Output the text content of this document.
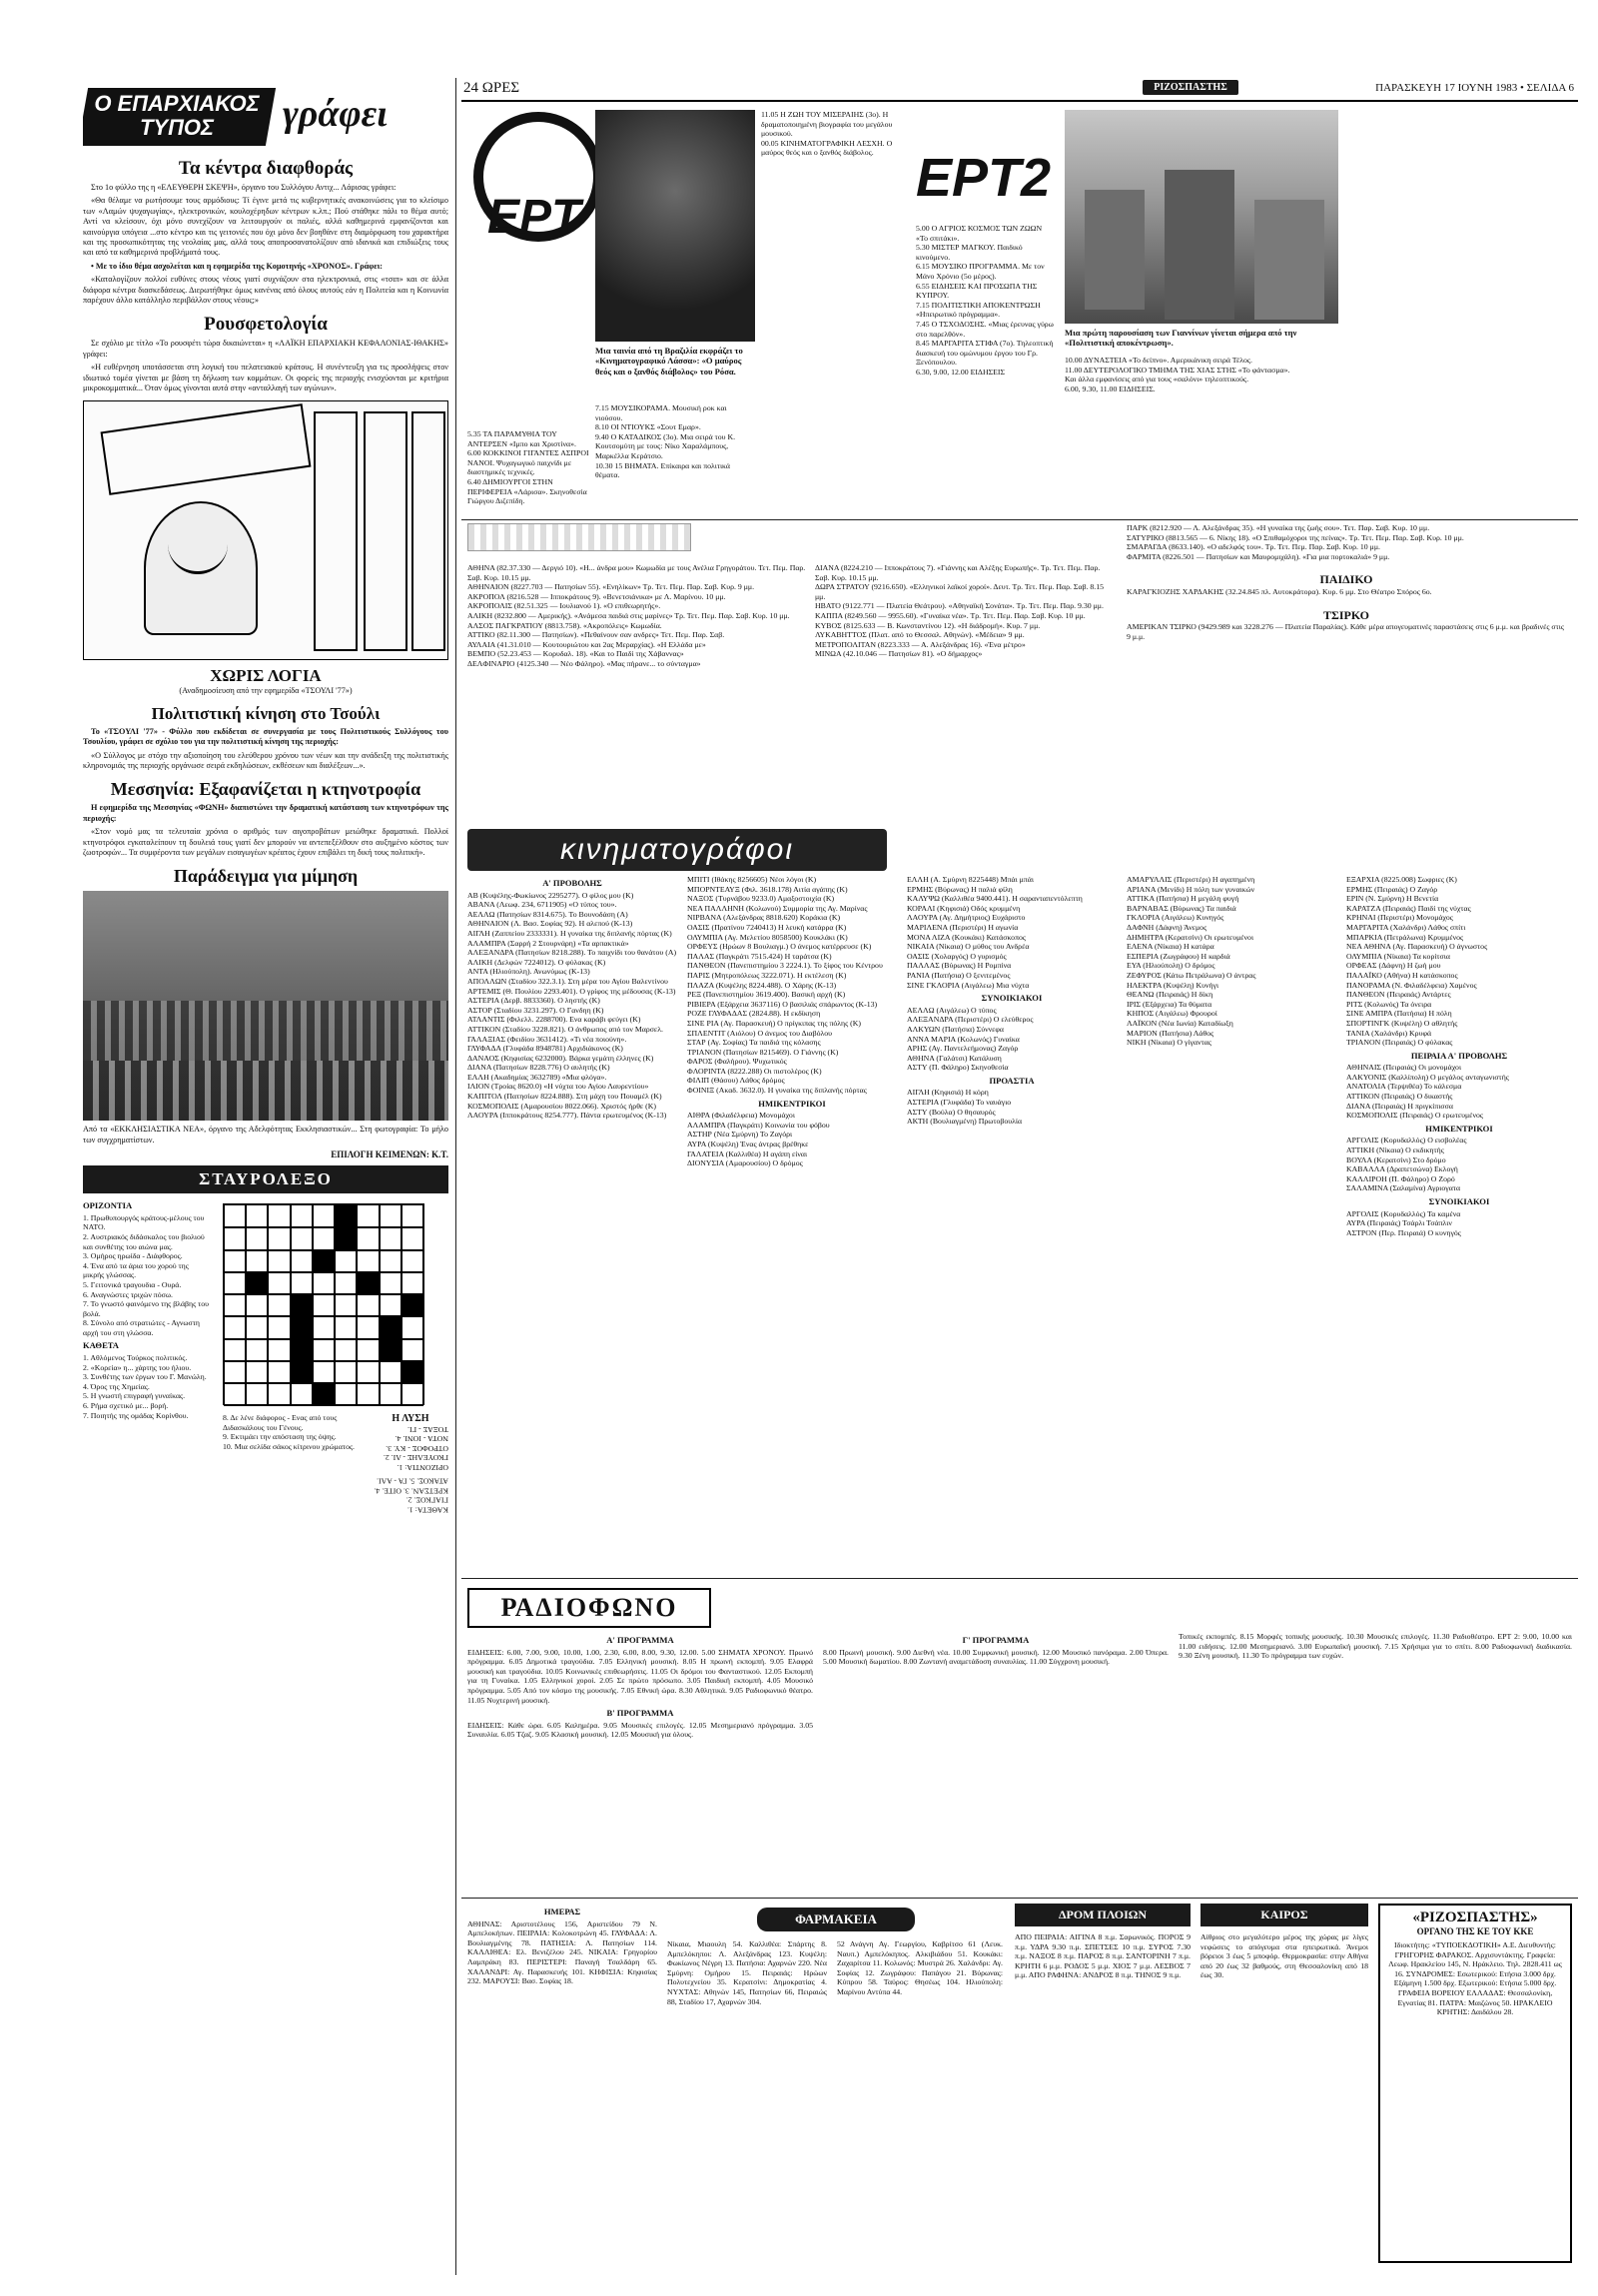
24 ΩΡΕΣ	ΡΙΖΟΣΠΑΣΤΗΣ	ΠΑΡΑΣΚΕΥΗ 17 ΙΟΥΝΗ 1983 • ΣΕΛΙΔΑ 6
Ο ΕΠΑΡΧΙΑΚΟΣ ΤΥΠΟΣ	γράφει
Τα κέντρα διαφθοράς

Στο 1ο φύλλο της η «ΕΛΕΥΘΕΡΗ ΣΚΕΨΗ», όργανο του Συλλόγου Αντιχ... Λάρισας γράφει:

«Θα θέλαμε να ρωτήσουμε τους αρμόδιους: Τί έγινε μετά τις κυβερνητικές ανακοινώσεις για το κλείσιμο των «Λαμών ψυχαγωγίας», ηλεκτρονικών, κουλοχέρηδων κέντρων κ.λπ.; Πού στάθηκε πάλι το θέμα αυτό; Αντί να κλείσουν, όχι μόνο συνεχίζουν να λειτουργούν οι παλιές, αλλά καθημερινά εμφανίζονται και καινούργια υπόγεια ...στο κέντρο και τις γειτονιές που όχι μόνο δεν βοηθάνε στη διαμόρφωση του χαρακτήρα και της προσωπικότητας της νεολαίας μας, αλλά τους αποπροσανατολίζουν από ιδανικά και επιδιώξεις τους και από τα καθημερινά προβλήματά τους.

• Με το ίδιο θέμα ασχολείται και η εφημερίδα της Κομοτηνής «ΧΡΟΝΟΣ». Γράφει:

«Καταλογίζουν πολλοί ευθύνες στους νέους γιατί συχνάζουν στα ηλεκτρονικά, στις «τσιπ» και σε άλλα διάφορα κέντρα διασκεδάσεως. Διερωτήθηκε όμως κανένας από όλους αυτούς εάν η Πολιτεία και η Κοινωνία παρέχουν άλλο κατάλληλο περιβάλλον στους νέους;»

Ρουσφετολογία

Σε σχόλιο με τίτλο «Το ρουσφέτι τώρα δικαιώνεται» η «ΛΑΪΚΗ ΕΠΑΡΧΙΑΚΗ ΚΕΦΑΛΟΝΙΑΣ-ΙΘΑΚΗΣ» γράφει:

«Η ευθέρνηση υποτάσσεται στη λογική του πελατειακού κράτους. Η συνέντευξη για τις προσλήψεις στον ιδιωτικό τομέα γίνεται με βάση τη δήλωση των κομμάτων. Οι φορείς της περιοχής ενισχύονται με κριτήρια μικροκομματικά... Όταν όμως γίνονται αυτά στην «ανταλλαγή των αγώνων».

ΧΩΡΙΣ ΛΟΓΙΑ
(Αναδημοσίευση από την εφημερίδα «ΤΣΟΥΛΙ '77»)
Πολιτιστική κίνηση στο Τσούλι

Το «ΤΣΟΥΛΙ '77» - Φύλλο που εκδίδεται σε συνεργασία με τους Πολιτιστικούς Συλλόγους του Τσουλίου, γράφει σε σχόλιο του για την πολιτιστική κίνηση της περιοχής:

«Ο Σύλλογος με στόχο την αξιοποίηση του ελεύθερου χρόνου των νέων και την ανάδειξη της πολιτιστικής κληρονομιάς της περιοχής οργάνωσε σειρά εκδηλώσεων, εκθέσεων και διαλέξεων...».

Μεσσηνία: Εξαφανίζεται η κτηνοτροφία

Η εφημερίδα της Μεσσηνίας «ΦΩΝΗ» διαπιστώνει την δραματική κατάσταση των κτηνοτρόφων της περιοχής:

«Στον νομό μας τα τελευταία χρόνια ο αριθμός των αιγοπροβάτων μειώθηκε δραματικά. Πολλοί κτηνοτρόφοι εγκαταλείπουν τη δουλειά τους γιατί δεν μπορούν να αντεπεξέλθουν στο αυξημένο κόστος των ζωοτροφών... Τα συμφέροντα των μεγάλων εισαγωγέων κρέατος έχουν επιβάλει τη δική τους πολιτική».

Παράδειγμα για μίμηση
Από τα «ΕΚΚΛΗΣΙΑΣΤΙΚΑ ΝΕΑ», όργανο της Αδελφότητας Εκκλησιαστικών... Στη φωτογραφία: Το μήλο των συγχρηματίστων.
ΕΠΙΛΟΓΗ ΚΕΙΜΕΝΩΝ: Κ.Τ.
ΣΤΑΥΡΟΛΕΞΟ
ΟΡΙΖΟΝΤΙΑ
1. Πρωθυπουργός κράτους-μέλους του ΝΑΤΟ.
2. Αυστριακός διδάσκαλος του βιολιού και συνθέτης του αιώνα μας.
3. Ομήρος ηρωίδα - Διάφθορος.
4. Ένα από τα άρια του χορού της μικρής γλώσσας.
5. Γειτονικά τραγουδια - Ουρά.
6. Αναγνώστες τριχών πόσω.
7. Το γνωστό φαινόμενο της βλάβης του βολά.
8. Σύνολο από στρατιώτες - Αγνωστη αρχή του στη γλώσσα.
ΚΑΘΕΤΑ
1. Αθλόμενος Τούρκος πολιτικός.
2. «Κορεία» η... χάρτης του ήλιου.
3. Συνθέτης των έργων του Γ. Μανώλη.
4. Όρος της Χημείας.
5. Η γνωστή επιγραφή γυναίκας.
6. Ρήμα σχετικό με... βορή.
7. Ποιητής της ομάδας Κορίνθου.	8. Δε λένε διάφορος - Ενας από τους Διδασκάλους του Γένους.
9. Εκτιμάει την απόσταση της όψης.
10. Μια σελίδα σάκος κίτρινου χρώματος.
Η ΛΥΣΗ
ΟΡΙΖΟΝΤΙΑ: 1. ΓΚΟΥΕΛΗΣ - ΛΙ. 2. ΟΤΡΟΦΟΣ - ΚΥ. 3. ΝΟΤΑ - ΙΟΝΙ. 4. ΤΟΞΑΣ - ΓΙ.
ΚΑΘΕΤΑ: 1. ΓΙΑΓΚΟΣ. 2. ΚΡΕΤΣΑΝ. 3. ΟΙΤΕ. 4. ΑΤΑΚΟΣ. 5. ΓΑ - ΑΛΙ.
ΕΡΤ
5.35 ΤΑ ΠΑΡΑΜΥΘΙΑ ΤΟΥ ΑΝΤΕΡΣΕΝ «Ιμπο και Χριστίνα».
6.00 ΚΟΚΚΙΝΟΙ ΓΙΓΑΝΤΕΣ ΑΣΠΡΟΙ ΝΑΝΟΙ. Ψυχαγωγικό παιχνίδι με διαστημικές τεχνικές.
6.40 ΔΗΜΙΟΥΡΓΟΙ ΣΤΗΝ ΠΕΡΙΦΕΡΕΙΑ «Λάρισα». Σκηνοθεσία Γιώργου Διζεπίδη.
Μια ταινία από τη Βραζιλία εκφράζει το «Κινηματογραφικό Λάσσα»: «Ο μαύρος θεός και ο ξανθός διάβολος» του Ρόσα.
7.15 ΜΟΥΣΙΚΟΡΑΜΑ. Μουσική ροκ και νιούσου.
8.10 ΟΙ ΝΤΙΟΥΚΣ «Σουτ Εμαρ».
9.40 Ο ΚΑΤΑΔΙΚΟΣ (3ο). Μια σειρά του Κ. Κουτσομύτη με τους: Νίκο Χαραλάμπους, Μαρκέλλα Κεράτσιο.
10.30 15 ΒΗΜΑΤΑ. Επίκαιρα και πολιτικά θέματα.
11.05 Η ΖΩΗ ΤΟΥ ΜΙΣΕΡΑΙΗΣ (3ο). Η δραματοποιημένη βιογραφία του μεγάλου μουσικού.
00.05 ΚΙΝΗΜΑΤΟΓΡΑΦΙΚΗ ΛΕΣΧΗ. Ο μαύρος θεός και ο ξανθός διάβολος. ΕΡΤ2
5.00 Ο ΑΓΡΙΟΣ ΚΟΣΜΟΣ ΤΩΝ ΖΩΩΝ «Το σπιτάκι».
5.30 ΜΙΣΤΕΡ ΜΑΓΚΟΥ. Παιδικό κινούμενο.
6.15 ΜΟΥΣΙΚΟ ΠΡΟΓΡΑΜΜΑ. Με τον Μάνο Χρόνιο (5ο μέρος).
6.55 ΕΙΔΗΣΕΙΣ ΚΑΙ ΠΡΟΣΩΠΑ ΤΗΣ ΚΥΠΡΟΥ.
7.15 ΠΟΛΙΤΙΣΤΙΚΗ ΑΠΟΚΕΝΤΡΩΣΗ «Ηπειρωτικό πρόγραμμα».
7.45 Ο ΤΣΧΟΔΟΣΗΣ. «Μιας έρευνας γύρω στο παρελθόν».
8.45 ΜΑΡΓΑΡΙΤΑ ΣΤΙΦΑ (7ο). Τηλεοπτική διασκευή του ομώνυμου έργου του Γρ. Ξενόπουλου.
6.30, 9.00, 12.00 ΕΙΔΗΣΕΙΣ
Μια πρώτη παρουσίαση των Γιαννίνων γίνεται σήμερα από την «Πολιτιστική αποκέντρωση».
10.00 ΔΥΝΑΣΤΕΙΑ «Το δείπνο». Αμερικάνικη σειρά Τέλος.
11.00 ΔΕΥΤΕΡΟΛΟΓΙΚΟ ΤΜΗΜΑ ΤΗΣ ΧΙΑΣ ΣΤΗΣ «Το φάντασμα».
Και άλλα εμφανίσεις από για τους «σαλόνι» τηλεοπτικούς.
6.00, 9.30, 11.00 ΕΙΔΗΣΕΙΣ.
ΑΘΗΝΑ (82.37.330 — Δεργιό 10). «Η... άνδρα μου» Κωμωδία με τους Ανέλια Γρηγοράτου. Τετ. Πεμ. Παρ. Σαβ. Κυρ. 10.15 μμ.
ΑΘΗΝΑΙΟΝ (8227.703 — Πατησίων 55). «Ενηλίκων» Τρ. Τετ. Πεμ. Παρ. Σαβ. Κυρ. 9 μμ.
ΑΚΡΟΠΟΛ (8216.528 — Ιπποκράτους 9). «Βενετσιάνικα» με Λ. Μαρίνου. 10 μμ.
ΑΚΡΟΠΟΛΙΣ (82.51.325 — Ιουλιανού 1). «Ο επιθεωρητής».
ΑΛΙΚΗ (8232.800 — Αμερικής). «Ανάμεσα παιδιά στις μαρίνες» Τρ. Τετ. Πεμ. Παρ. Σαβ. Κυρ. 10 μμ.
ΑΛΣΟΣ ΠΑΓΚΡΑΤΙΟΥ (8813.758). «Ακροπόλεις» Κωμωδία.
ΑΤΤΙΚΟ (82.11.300 — Πατησίων). «Πεθαίνουν σαν ανδρες» Τετ. Πεμ. Παρ. Σαβ.
ΑΥΛΑΙΑ (41.31.010 — Κουτουριώτου και 2ας Μεραρχίας). «Η Ελλάδα με»
ΒΕΜΠΟ (52.23.453 — Κορυδαλ. 18). «Και το Παιδί της Χάβαννας»
ΔΕΛΦΙΝΑΡΙΟ (4125.340 — Νέο Φάληρο). «Μας πήρανε... το σύνταγμα»
ΔΙΑΝΑ (8224.210 — Ιπποκράτους 7). «Γιάννης και Αλέξης Ευρωπής». Τρ. Τετ. Πεμ. Παρ. Σαβ. Κυρ. 10.15 μμ.
ΔΩΡΑ ΣΤΡΑΤΟΥ (9216.650). «Ελληνικοί λαϊκοί χοροί». Δευτ. Τρ. Τετ. Πεμ. Παρ. Σαβ. 8.15 μμ.
ΗΒΑΤΟ (9122.771 — Πλατεία Θεάτρου). «Αθηναϊκή Σονάτα». Τρ. Τετ. Πεμ. Παρ. 9.30 μμ.
ΚΑΠΠΑ (8249.560 — 9955.60). «Γυναίκα νέα». Τρ. Τετ. Πεμ. Παρ. Σαβ. Κυρ. 10 μμ.
ΚΥΒΟΣ (8125.633 — Β. Κωνσταντίνου 12). «Η διάδρομή». Κυρ. 7 μμ.
ΛΥΚΑΒΗΤΤΟΣ (Πλατ. από το Θεσσαλ. Αθηνών). «Μέδεια» 9 μμ.
ΜΕΤΡΟΠΟΛΙΤΑΝ (8223.333 — Α. Αλεξάνδρας 16). «Ένα μέτρο»
ΜΙΝΩΑ (42.10.046 — Πατησίων 81). «Ο δήμαρχος»
ΠΑΡΚ (8212.920 — Λ. Αλεξάνδρας 35). «Η γυναίκα της ζωής σου». Τετ. Παρ. Σαβ. Κυρ. 10 μμ.
ΣΑΤΥΡΙΚΟ (8813.565 — 6. Νίκης 18). «Ο Σπιθαμόχοροι της πείνας». Τρ. Τετ. Πεμ. Παρ. Σαβ. Κυρ. 10 μμ.
ΣΜΑΡΑΓΔΑ (8633.140). «Ο αδελφός του». Τρ. Τετ. Πεμ. Παρ. Σαβ. Κυρ. 10 μμ.
ΦΑΡΜΙΤΑ (8226.501 — Πατησίων και Μαυρομιχάλη). «Για μια πορτοκαλιά» 9 μμ.
ΠΑΙΔΙΚΟ
ΚΑΡΑΓΚΙΟΖΗΣ ΧΑΡΔΑΚΗΣ (32.24.845 πλ. Αυτοκράτορα). Κυρ. 6 μμ. Στο Θέατρο Σπόρος 6ο.
ΤΣΙΡΚΟ
ΑΜΕΡΙΚΑΝ ΤΣΙΡΚΟ (9429.989 και 3228.276 — Πλατεία Παραλίας). Κάθε μέρα απογευματινές παραστάσεις στις 6 μ.μ. και βραδινές στις 9 μ.μ.
κινηματογράφοι
Α' ΠΡΟΒΟΛΗΣ
ΑΒ (Κυψέλης-Φωκίωνος 2295277). Ο φίλος μου (Κ)
ΑΒΑΝΑ (Λεωφ. 234, 6711905) «Ο τύπος του».
ΑΕΛΛΩ (Πατησίων 8314.675). Το Βουνοδάση (Α)
ΑΘΗΝΑΙΟΝ (Λ. Βασ. Σοφίας 92). Η αλεπού (Κ-13)
ΑΙΓΛΗ (Ζαππείου 2333331). Η γυναίκα της διπλανής πόρτας (Κ)
ΑΛΑΜΠΡΑ (Σαρρή 2 Στουρνάρη) «Τα αρπακτικά»
ΑΛΕΞΑΝΔΡΑ (Πατησίων 8218.288). Το παιχνίδι του θανάτου (Α)
ΑΛΙΚΗ (Δελφών 7224012). Ο φύλακας (Κ)
ΑΝΤΑ (Ηλιούπολη). Ανωνύμως (Κ-13)
ΑΠΟΛΛΩΝ (Σταδίου 322.3.1). Στη μέρα του Αγίου Βαλεντίνου
ΑΡΤΕΜΙΣ (Θ. Πουλίου 2293.401). Ο γρίφος της μέδουσας (Κ-13)
ΑΣΤΕΡΙΑ (Δερβ. 8833360). Ο ληστής (Κ)
ΑΣΤΟΡ (Σταδίου 3231.297). Ο Γανδηη (Κ)
ΑΤΛΑΝΤΙΣ (Φιλελλ. 2288700). Ενα καράβι φεύγει (Κ)
ΑΤΤΙΚΟΝ (Σταδίου 3228.821). Ο άνθρωπος από τον Μαρσελ.
ΓΑΛΑΞΙΑΣ (Φειδίου 3631412). «Τι νέα ποιούνη».
ΓΛΥΦΑΔΑ (Γλυφάδα 8948781) Αρχιδιάκονος (Κ)
ΔΑΝΑΟΣ (Κηφισίας 6232000). Βάρκα γεμάτη έλληνες (Κ)
ΔΙΑΝΑ (Πατησίων 8228.776) Ο αυλητής (Κ)
ΕΛΛΗ (Ακαδημίας 3632789) «Μια φλόγα».
ΙΛΙΟΝ (Τροίας 8620.0) «Η νύχτα του Αγίου Λαυρεντίου»
ΚΑΠΙΤΟΛ (Πατησίων 8224.888). Στη μάχη του Πουαμέλ (Κ)
ΚΟΣΜΟΠΟΛΙΣ (Αμαρουσίου 8022.066). Χριστός ήρθε (Κ)
ΛΑΟΥΡΑ (Ιπποκράτους 8254.777). Πάντα ερωτευμένος (Κ-13)
ΜΠΙΤΙ (Ιθάκης 8256605) Νέοι λόγοι (Κ)
ΜΠΟΡΝΤΕΑΥΞ (Φιλ. 3618.178) Αιτία αγάπης (Κ)
ΝΑΞΟΣ (Τυρνάβου 9233.0) Αμαξοστοιχία (Κ)
ΝΕΑ ΠΑΛΛΗΝΗ (Κολωνού) Συμμορία της Αγ. Μαρίνας
ΝΙΡΒΑΝΑ (Αλεξάνδρας 8818.620) Κοράκια (Κ)
ΟΑΣΙΣ (Πρατίνου 7240413) Η λευκή κατάρρα (Κ)
ΟΛΥΜΠΙΑ (Αγ. Μελετίου 8058500) Κουκλάκι (Κ)
ΟΡΦΕΥΣ (Ηρώων 8 Βουλιαγμ.) Ο άνεμος κατέρρευσε (Κ)
ΠΑΛΑΣ (Παγκράτι 7515.424) Η ταράτσα (Κ)
ΠΑΝΘΕΟΝ (Πανεπιστημίου 3 2224.1). Το ξίφος του Κέντρου
ΠΑΡΙΣ (Μητροπόλεως 3222.071). Η εκτέλεση (Κ)
ΠΛΑΖΑ (Κυψέλης 8224.488). Ο Χάρης (Κ-13)
ΡΕΞ (Πανεπιστημίου 3619.400). Βασική αρχή (Κ)
ΡΙΒΙΕΡΑ (Εξάρχεια 3637116) Ο βασιλιάς σπάρωντος (Κ-13)
ΡΟΖΕ ΓΛΥΦΑΔΑΣ (2824.88). Η εκδίκηση
ΣΙΝΕ ΡΙΑ (Αγ. Παρασκευή) Ο πρίγκιπας της πόλης (Κ)
ΣΠΛΕΝΤΙΤ (Αιόλου) Ο άνεμος του Διαβόλου
ΣΤΑΡ (Αγ. Σοφίας) Τα παιδιά της κόλασης
ΤΡΙΑΝΟΝ (Πατησίων 8215469). Ο Γιάννης (Κ)
ΦΑΡΟΣ (Φαλήρου). Ψυχωτικός
ΦΛΟΡΙΝΤΑ (8222.288) Οι πιστολέρος (Κ)
ΦΙΛΙΠ (Θάσου) Λάθος δρόμος
ΦΟΙΝΙΞ (Ακαδ. 3632.0). Η γυναίκα της διπλανής πόρτας
ΗΜΙΚΕΝΤΡΙΚΟΙ
ΑΙΘΡΑ (Φιλαδέλφεια) Μονομάχοι
ΑΛΑΜΠΡΑ (Παγκράτι) Κοινωνία του φόβου
ΑΣΤΗΡ (Νέα Σμύρνη) Το Ζαγόρι
ΑΥΡΑ (Κυψέλη) Ένας άντρας βρέθηκε
ΓΑΛΑΤΕΙΑ (Καλλιθέα) Η αγάπη είναι
ΔΙΟΝΥΣΙΑ (Αμαρουσίου) Ο δρόμος
ΕΛΛΗ (Α. Σμύρνη 8225448) Μπάι μπάι
ΕΡΜΗΣ (Βύρωνας) Η παλιά φίλη
ΚΑΛΥΨΩ (Καλλιθέα 9400.441). Η σαρανταπεντόλεπτη
ΚΟΡΑΛΙ (Κηφισιά) Οδός κρυμμένη
ΛΑΟΥΡΑ (Αγ. Δημήτριος) Ευχάριστο
ΜΑΡΙΛΕΝΑ (Περιστέρι) Η αγωνία
ΜΟΝΑ ΛΙΖΑ (Κουκάκι) Κατάσκοπος
ΝΙΚΑΙΑ (Νίκαια) Ο μύθος του Ανδρέα
ΟΑΣΙΣ (Χολαργός) Ο γυρισμός
ΠΑΛΛΑΣ (Βύρωνας) Η Ρομπίνα
ΡΑΝΙΑ (Πατήσια) Ο ξενιτεμένος
ΣΙΝΕ ΓΚΛΟΡΙΑ (Αιγάλεω) Μια νύχτα
ΣΥΝΟΙΚΙΑΚΟΙ
ΑΕΛΛΩ (Αιγάλεω) Ο τύπος
ΑΛΕΞΑΝΔΡΑ (Περιστέρι) Ο ελεύθερος
ΑΛΚΥΩΝ (Πατήσια) Σύννεφα
ΑΝΝΑ ΜΑΡΙΑ (Κολωνός) Γυναίκα
ΑΡΗΣ (Αγ. Παντελεήμονας) Ζαγόρ
ΑΘΗΝΑ (Γαλάτσι) Κατάλυση
ΑΣΤΥ (Π. Φάληρο) Σκηνοθεσία
ΠΡΟΑΣΤΙΑ
ΑΙΓΛΗ (Κηφισιά) Η κόρη
ΑΣΤΕΡΙΑ (Γλυφάδα) Το ναυάγιο
ΑΣΤΥ (Βούλα) Ο θησαυρός
ΑΚΤΗ (Βουλιαγμένη) Πρωτοβουλία
ΑΜΑΡΥΛΛΙΣ (Περιστέρι) Η αγαπημένη
ΑΡΙΑΝΑ (Μενίδι) Η πόλη των γυναικών
ΑΤΤΙΚΑ (Πατήσια) Η μεγάλη φυγή
ΒΑΡΝΑΒΑΣ (Βύρωνας) Τα παιδιά
ΓΚΛΟΡΙΑ (Αιγάλεω) Κυνηγός
ΔΑΦΝΗ (Δάφνη) Άνεμος
ΔΗΜΗΤΡΑ (Κερατσίνι) Οι ερωτευμένοι
ΕΛΕΝΑ (Νίκαια) Η κατάρα
ΕΣΠΕΡΙΑ (Ζωγράφου) Η καρδιά
ΕΥΑ (Ηλιούπολη) Ο δρόμος
ΖΕΦΥΡΟΣ (Κάτω Πετράλωνα) Ο άντρας
ΗΛΕΚΤΡΑ (Κυψέλη) Κυνήγι
ΘΕΑΝΩ (Πειραιάς) Η δίκη
ΙΡΙΣ (Εξάρχεια) Τα θύματα
ΚΗΠΟΣ (Αιγάλεω) Φρουροί
ΛΑΪΚΟΝ (Νέα Ιωνία) Καταδίωξη
ΜΑΡΙΟΝ (Πατήσια) Λάθος
ΝΙΚΗ (Νίκαια) Ο γίγαντας
ΕΞΑΡΧΙΑ (8225.008) Σωφριες (Κ)
ΕΡΜΗΣ (Πειραιάς) Ο Ζαγόρ
ΕΡΙΝ (Ν. Σμύρνη) Η Βενετία
ΚΑΡΑΤΖΑ (Πειραιάς) Παιδί της νύχτας
ΚΡΗΝΑΙ (Περιστέρι) Μονομάχος
ΜΑΡΓΑΡΙΤΑ (Χαλάνδρι) Λάθος σπίτι
ΜΠΑΡΚΙΑ (Πετράλωνα) Κρυμμένος
ΝΕΑ ΑΘΗΝΑ (Αγ. Παρασκευή) Ο άγνωστος
ΟΛΥΜΠΙΑ (Νίκαια) Τα κορίτσια
ΟΡΦΕΑΣ (Δάφνη) Η ζωή μου
ΠΑΛΑΪΚΟ (Αθήνα) Η κατάσκοπος
ΠΑΝΟΡΑΜΑ (Ν. Φιλαδέλφεια) Χαμένος
ΠΑΝΘΕΟΝ (Πειραιάς) Αντάρτες
ΡΙΤΣ (Κολωνός) Τα όνειρα
ΣΙΝΕ ΑΜΠΡΑ (Πατήσια) Η πόλη
ΣΠΟΡΤΙΝΓΚ (Κυψέλη) Ο αθλητής
ΤΑΝΙΑ (Χαλάνδρι) Κρυφά
ΤΡΙΑΝΟΝ (Πειραιάς) Ο φύλακας
ΠΕΙΡΑΙΑ Α' ΠΡΟΒΟΛΗΣ
ΑΘΗΝΑΙΣ (Πειραιάς) Οι μονομάχοι
ΑΛΚΥΟΝΙΣ (Καλλίπολη) Ο μεγάλος ανταγωνιστής
ΑΝΑΤΟΛΙΑ (Τερψιθέα) Το κάλεσμα
ΑΤΤΙΚΟΝ (Πειραιάς) Ο δικαστής
ΔΙΑΝΑ (Πειραιάς) Η πριγκίπισσα
ΚΟΣΜΟΠΟΛΙΣ (Πειραιάς) Ο ερωτευμένος
ΗΜΙΚΕΝΤΡΙΚΟΙ
ΑΡΓΟΛΙΣ (Κορυδαλλός) Ο εισβολέας
ΑΤΤΙΚΗ (Νίκαια) Ο εκδικητής
ΒΟΥΛΑ (Κερατσίνι) Στο δρόμο
ΚΑΒΑΛΛΑ (Δραπετσώνα) Εκλογή
ΚΑΛΛΙΡΟΗ (Π. Φάληρο) Ο Ζορό
ΣΑΛΑΜΙΝΑ (Σαλαμίνα) Αγριογατα
ΣΥΝΟΙΚΙΑΚΟΙ
ΑΡΓΟΛΙΣ (Κορυδαλλός) Τα καμένα
ΑΥΡΑ (Πειραιάς) Τσάρλι Τσάπλιν
ΑΣΤΡΟΝ (Περ. Πειραιά) Ο κυνηγός
ΡΑΔΙΟΦΩΝΟ
Α' ΠΡΟΓΡΑΜΜΑ
ΕΙΔΗΣΕΙΣ: 6.00, 7.00, 9.00, 10.00, 1.00, 2.30, 6.00, 8.00, 9.30, 12.00. 5.00 ΣΗΜΑΤΑ ΧΡΟΝΟΥ. Πρωινό πρόγραμμα. 6.05 Δημοτικά τραγούδια. 7.05 Ελληνική μουσική. 8.05 Η πρωινή εκπομπή. 9.05 Ελαφρά μουσική και τραγούδια. 10.05 Κοινωνικές επιθεωρήσεις. 11.05 Οι δρόμοι του Φανταστικού. 12.05 Εκπομπή για τη Γυναίκα. 1.05 Ελληνικοί χοροί. 2.05 Σε πρώτο πρόσωπο. 3.05 Παιδική εκπομπή. 4.05 Μουσικό πρόγραμμα. 5.05 Από τον κόσμο της μουσικής. 7.05 Εθνική ώρα. 8.30 Αθλητικά. 9.05 Ραδιοφωνικό θέατρο. 11.05 Νυχτερινή μουσική.
Β' ΠΡΟΓΡΑΜΜΑ
ΕΙΔΗΣΕΙΣ: Κάθε ώρα. 6.05 Καλημέρα. 9.05 Μουσικές επιλογές. 12.05 Μεσημεριανό πρόγραμμα. 3.05 Συναυλία. 6.05 Τζαζ. 9.05 Κλασική μουσική. 12.05 Μουσική για όλους.
Γ' ΠΡΟΓΡΑΜΜΑ
8.00 Πρωινή μουσική. 9.00 Διεθνή νέα. 10.00 Συμφωνική μουσική. 12.00 Μουσικό πανόραμα. 2.00 Όπερα. 5.00 Μουσική δωματίου. 8.00 Ζωντανή αναμετάδοση συναυλίας. 11.00 Σύγχρονη μουσική.
Τοπικές εκπομπές. 8.15 Μορφές τοπικής μουσικής. 10.30 Μουσικές επιλογές. 11.30 Ραδιοθέατρο. ΕΡΤ 2: 9.00, 10.00 και 11.00 ειδήσεις. 12.00 Μεσημεριανό. 3.00 Ευρωπαϊκή μουσική. 7.15 Χρήσιμα για το σπίτι. 8.00 Ραδιοφωνική διαδικασία. 9.30 Ξένη μουσική. 11.30 Το πρόγραμμα των ευχών.
ΗΜΕΡΑΣ
ΑΘΗΝΑΣ: Αριστοτέλους 156, Αριστείδου 79 Ν. Αμπελοκήπων. ΠΕΙΡΑΙΑ: Κολοκοτρώνη 45. ΓΛΥΦΑΔΑ: Λ. Βουλιαγμένης 78. ΠΑΤΗΣΙΑ: Λ. Πατησίων 114. ΚΑΛΛΙΘΕΑ: Ελ. Βενιζέλου 245. ΝΙΚΑΙΑ: Γρηγορίου Λαμπράκη 83. ΠΕΡΙΣΤΕΡΙ: Παναγή Τσαλδάρη 65. ΧΑΛΑΝΔΡΙ: Αγ. Παρασκευής 101. ΚΗΦΙΣΙΑ: Κηφισίας 232. ΜΑΡΟΥΣΙ: Βασ. Σοφίας 18.
ΦΑΡΜΑΚΕΙΑ
Νίκαια, Μιαουλη 54. Καλλιθέα: Σπάρτης 8. Αμπελόκηποι: Λ. Αλεξάνδρας 123. Κυψέλη: Φωκίωνος Νέγρη 13. Πατήσια: Αχαρνών 220. Νέα Σμύρνη: Ομήρου 15. Πειραιάς: Ηρώων Πολυτεχνείου 35. Κερατσίνι: Δημοκρατίας 4. ΝΥΧΤΑΣ: Αθηνών 145, Πατησίων 66, Πειραιώς 88, Σταδίου 17, Αχαρνών 304.
52 Ανάγνη Αγ. Γεωργίου, Καβρίτσο 61 (Λευκ. Ναυπ.) Αμπελόκηπος. Αλκιβιάδου 51. Κουκάκι: Ζαχαρίτσα 11. Κολωνός: Μυστρά 26. Χαλάνδρι: Αγ. Σοφίας 12. Ζωγράφου: Παπάγου 21. Βύρωνας: Κύπρου 58. Ταύρος: Θησέως 104. Ηλιούπολη: Μαρίνου Αντύπα 44.
ΔΡΟΜ ΠΛΟΙΩΝ
ΑΠΟ ΠΕΙΡΑΙΑ: ΑΙΓΙΝΑ 8 π.μ. Σαρωνικός. ΠΟΡΟΣ 9 π.μ. ΥΔΡΑ 9.30 π.μ. ΣΠΕΤΣΕΣ 10 π.μ. ΣΥΡΟΣ 7.30 π.μ. ΝΑΞΟΣ 8 π.μ. ΠΑΡΟΣ 8 π.μ. ΣΑΝΤΟΡΙΝΗ 7 π.μ. ΚΡΗΤΗ 6 μ.μ. ΡΟΔΟΣ 5 μ.μ. ΧΙΟΣ 7 μ.μ. ΛΕΣΒΟΣ 7 μ.μ. ΑΠΟ ΡΑΦΗΝΑ: ΑΝΔΡΟΣ 8 π.μ. ΤΗΝΟΣ 9 π.μ.
ΚΑΙΡΟΣ
Αίθριος στο μεγαλύτερο μέρος της χώρας με λίγες νεφώσεις το απόγευμα στα ηπειρωτικά. Άνεμοι βόρειοι 3 έως 5 μποφόρ. Θερμοκρασία: στην Αθήνα από 20 έως 32 βαθμούς, στη Θεσσαλονίκη από 18 έως 30.
«ΡΙΖΟΣΠΑΣΤΗΣ»
ΟΡΓΑΝΟ ΤΗΣ ΚΕ ΤΟΥ ΚΚΕ
Ιδιοκτήτης: «ΤΥΠΟΕΚΔΟΤΙΚΗ» Α.Ε. Διευθυντής: ΓΡΗΓΟΡΗΣ ΦΑΡΑΚΟΣ. Αρχισυντάκτης. Γραφεία: Λεωφ. Ηρακλείου 145, Ν. Ηράκλειο. Τηλ. 2828.411 ως 16. ΣΥΝΔΡΟΜΕΣ: Εσωτερικού: Ετήσια 3.000 δρχ. Εξάμηνη 1.500 δρχ. Εξωτερικού: Ετήσια 5.000 δρχ. ΓΡΑΦΕΙΑ ΒΟΡΕΙΟΥ ΕΛΛΑΔΑΣ: Θεσσαλονίκη, Εγνατίας 81. ΠΑΤΡΑ: Μαιζώνος 50. ΗΡΑΚΛΕΙΟ ΚΡΗΤΗΣ: Δαιδάλου 28.
